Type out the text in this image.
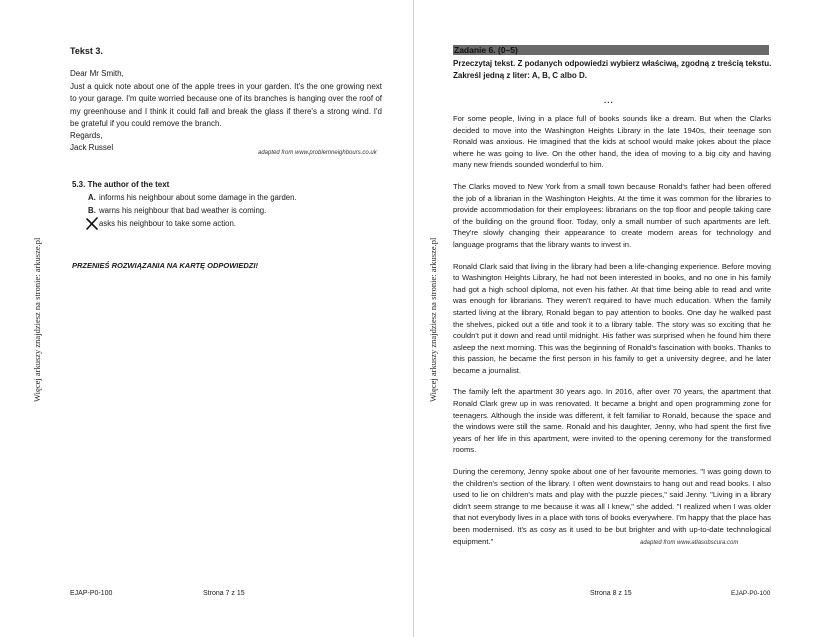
Więcej arkuszy znajdziesz na stronie: arkusze.pl
Tekst 3.

Dear Mr Smith,

Just a quick note about one of the apple trees in your garden. It's the one growing next to your garage. I'm quite worried because one of its branches is hanging over the roof of my greenhouse and I think it could fall and break the glass if there's a strong wind. I'd be grateful if you could remove the branch.

Regards,

Jack Russel

adapted from www.problemneighbours.co.uk
5.3. The author of the text
A. informs his neighbour about some damage in the garden.
B. warns his neighbour that bad weather is coming.
asks his neighbour to take some action.
PRZENIEŚ ROZWIĄZANIA NA KARTĘ ODPOWIEDZI!
EJAP-P0-100	Strona 7 z 15
Więcej arkuszy znajdziesz na stronie: arkusze.pl
Zadanie 6. (0–5)

Przeczytaj tekst. Z podanych odpowiedzi wybierz właściwą, zgodną z treścią tekstu.

Zakreśl jedną z liter: A, B, C albo D.

...

For some people, living in a place full of books sounds like a dream. But when the Clarks decided to move into the Washington Heights Library in the late 1940s, their teenage son Ronald was anxious. He imagined that the kids at school would make jokes about the place where he was going to live. On the other hand, the idea of moving to a big city and having many new friends sounded wonderful to him.

The Clarks moved to New York from a small town because Ronald's father had been offered the job of a librarian in the Washington Heights. At the time it was common for the libraries to provide accommodation for their employees: librarians on the top floor and people taking care of the building on the ground floor. Today, only a small number of such apartments are left. They're slowly changing their appearance to create modern areas for technology and language programs that the library wants to invest in.

Ronald Clark said that living in the library had been a life-changing experience. Before moving to Washington Heights Library, he had not been interested in books, and no one in his family had got a high school diploma, not even his father. At that time being able to read and write was enough for librarians. They weren't required to have much education. When the family started living at the library, Ronald began to pay attention to books. One day he walked past the shelves, picked out a title and took it to a library table. The story was so exciting that he couldn't put it down and read until midnight. His father was surprised when he found him there asleep the next morning. This was the beginning of Ronald's fascination with books. Thanks to this passion, he became the first person in his family to get a university degree, and he later became a journalist.

The family left the apartment 30 years ago. In 2016, after over 70 years, the apartment that Ronald Clark grew up in was renovated. It became a bright and open programming zone for teenagers. Although the inside was different, it felt familiar to Ronald, because the space and the windows were still the same. Ronald and his daughter, Jenny, who had spent the first five years of her life in this apartment, were invited to the opening ceremony for the transformed rooms.

During the ceremony, Jenny spoke about one of her favourite memories. "I was going down to the children's section of the library. I often went downstairs to hang out and read books. I also used to lie on children's mats and play with the puzzle pieces," said Jenny. "Living in a library didn't seem strange to me because it was all I knew," she added. "I realized when I was older that not everybody lives in a place with tons of books everywhere. I'm happy that the place has been modernised. It's as cosy as it used to be but brighter and with up-to-date technological equipment."	adapted from www.atlasobscura.com
Strona 8 z 15	EJAP-P0-100
